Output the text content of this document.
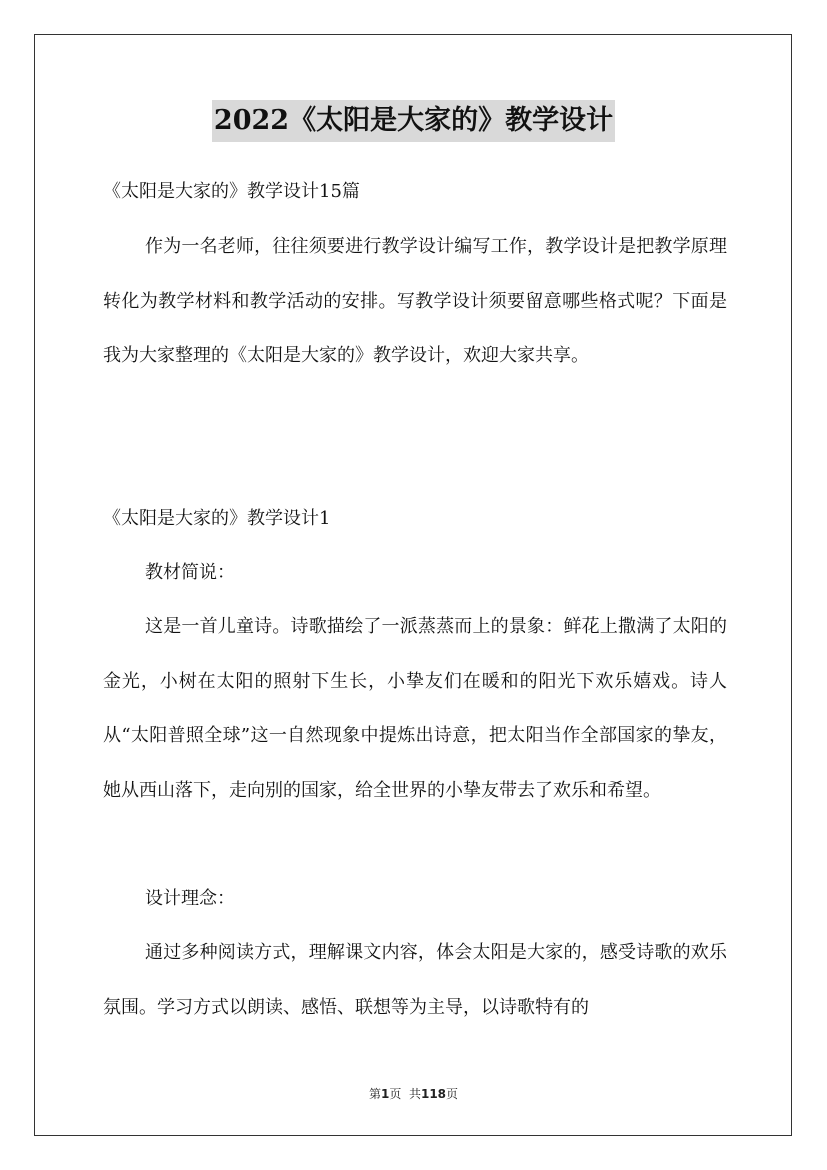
2022《太阳是大家的》教学设计

《太阳是大家的》教学设计15篇

作为一名老师，往往须要进行教学设计编写工作，教学设计是把教学原理转化为教学材料和教学活动的安排。写教学设计须要留意哪些格式呢？下面是我为大家整理的《太阳是大家的》教学设计，欢迎大家共享。

《太阳是大家的》教学设计1

教材简说：

这是一首儿童诗。诗歌描绘了一派蒸蒸而上的景象：鲜花上撒满了太阳的金光，小树在太阳的照射下生长，小挚友们在暖和的阳光下欢乐嬉戏。诗人从“太阳普照全球”这一自然现象中提炼出诗意，把太阳当作全部国家的挚友，她从西山落下，走向别的国家，给全世界的小挚友带去了欢乐和希望。

设计理念：

通过多种阅读方式，理解课文内容，体会太阳是大家的，感受诗歌的欢乐氛围。学习方式以朗读、感悟、联想等为主导，以诗歌特有的

第1页  共118页
